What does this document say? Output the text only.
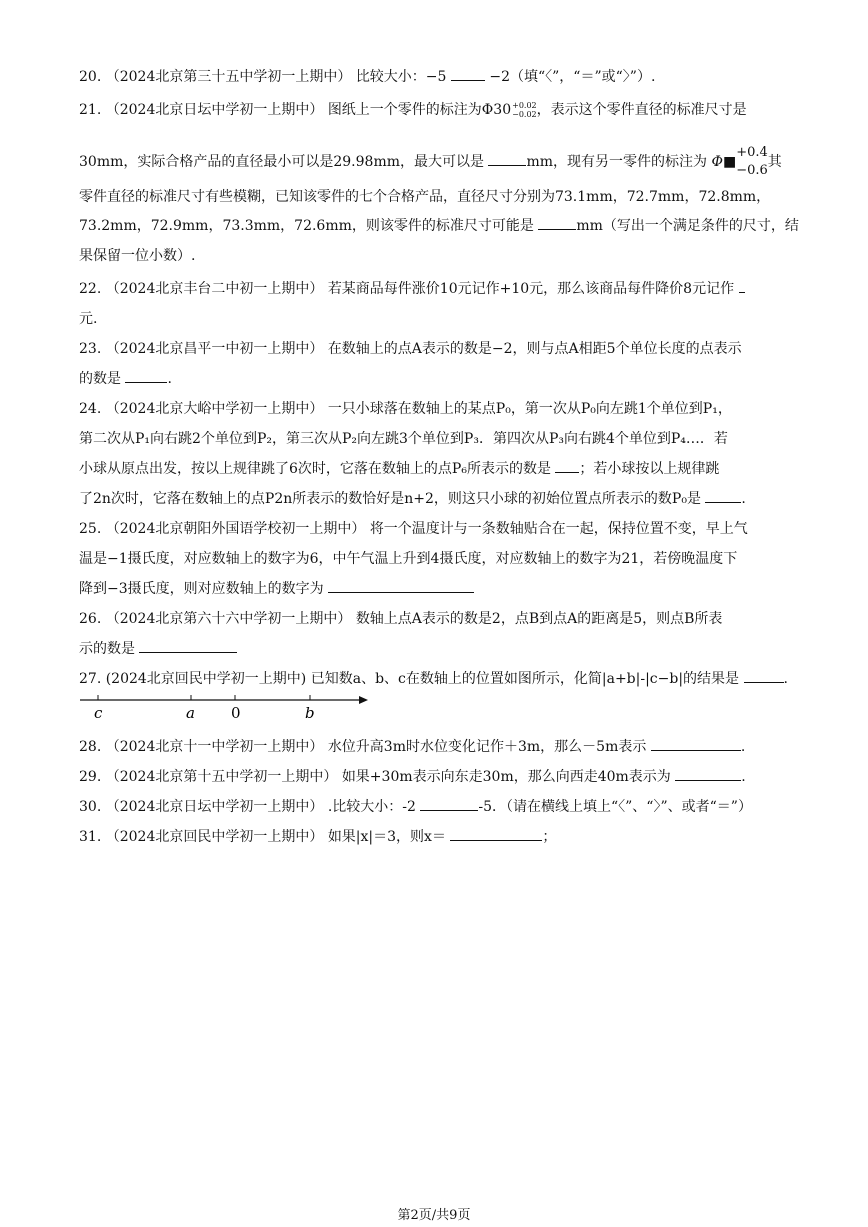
20. （2024北京第三十五中学初一上期中） 比较大小：−5	−2（填“〈”，“＝”或“〉”）.
21. （2024北京日坛中学初一上期中） 图纸上一个零件的标注为Φ30+0.02
−0.02，表示这个零件直径的标准尺寸是
30mm，实际合格产品的直径最小可以是29.98mm，最大可以是	mm，现有另一零件的标注为 Φ■+0.4
−0.6其
零件直径的标准尺寸有些模糊，已知该零件的七个合格产品，直径尺寸分别为73.1mm，72.7mm，72.8mm，
73.2mm，72.9mm，73.3mm，72.6mm，则该零件的标准尺寸可能是	mm（写出一个满足条件的尺寸，结
果保留一位小数）.
22. （2024北京丰台二中初一上期中） 若某商品每件涨价10元记作+10元，那么该商品每件降价8元记作
元.
23. （2024北京昌平一中初一上期中） 在数轴上的点A表示的数是−2，则与点A相距5个单位长度的点表示
的数是	.
24. （2024北京大峪中学初一上期中） 一只小球落在数轴上的某点P₀，第一次从P₀向左跳1个单位到P₁，
第二次从P₁向右跳2个单位到P₂，第三次从P₂向左跳3个单位到P₃．第四次从P₃向右跳4个单位到P₄…．若
小球从原点出发，按以上规律跳了6次时，它落在数轴上的点P₆所表示的数是 ；若小球按以上规律跳
了2n次时，它落在数轴上的点P2n所表示的数恰好是n+2，则这只小球的初始位置点所表示的数P₀是	.
25. （2024北京朝阳外国语学校初一上期中） 将一个温度计与一条数轴贴合在一起，保持位置不变，早上气
温是−1摄氏度，对应数轴上的数字为6，中午气温上升到4摄氏度，对应数轴上的数字为21，若傍晚温度下
降到−3摄氏度，则对应数轴上的数字为
26. （2024北京第六十六中学初一上期中） 数轴上点A表示的数是2，点B到点A的距离是5，则点B所表
示的数是
27. (2024北京回民中学初一上期中) 已知数a、b、c在数轴上的位置如图所示，化简|a+b|-|c−b|的结果是	.
c	a 0	b
28. （2024北京十一中学初一上期中） 水位升高3m时水位变化记作＋3m，那么－5m表示	.
29. （2024北京第十五中学初一上期中） 如果+30m表示向东走30m，那么向西走40m表示为	.
30. （2024北京日坛中学初一上期中） .比较大小：-2	-5．（请在横线上填上“〈”、“〉”、或者“＝”）
31. （2024北京回民中学初一上期中） 如果|x|＝3，则x＝	；
第2页/共9页
